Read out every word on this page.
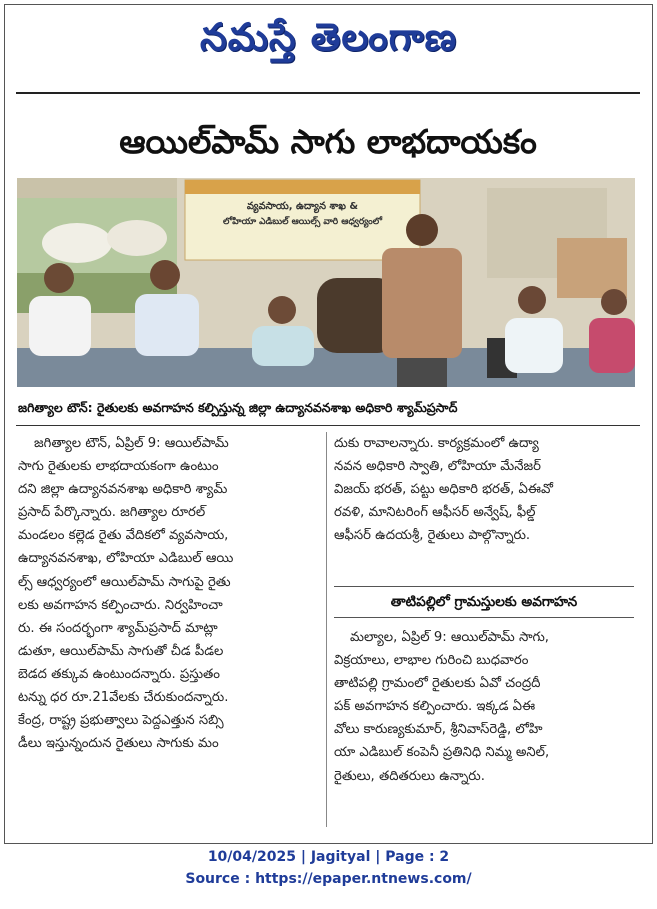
నమస్తే తెలంగాణ
ఆయిల్‌పామ్ సాగు లాభదాయకం
వ్యవసాయ, ఉద్యాన శాఖ &
లోహియా ఎడిబుల్ ఆయిల్స్ వారి ఆధ్వర్యంలో
జగిత్యాల టౌన్: రైతులకు అవగాహన కల్పిస్తున్న జిల్లా ఉద్యానవనశాఖ అధికారి శ్యామ్‌ప్రసాద్

జగిత్యాల టౌన్, ఏప్రిల్ 9: ఆయిల్‌పామ్

సాగు రైతులకు లాభదాయకంగా ఉంటుం

దని జిల్లా ఉద్యానవనశాఖ అధికారి శ్యామ్

ప్రసాద్ పేర్కొన్నారు. జగిత్యాల రూరల్

మండలం కల్లెడ రైతు వేదికలో వ్యవసాయ,

ఉద్యానవనశాఖ, లోహియా ఎడిబుల్ ఆయి

ల్స్ ఆధ్వర్యంలో ఆయిల్‌పామ్ సాగుపై రైతు

లకు అవగాహన కల్పించారు. నిర్వహించా

రు. ఈ సందర్భంగా శ్యామ్‌ప్రసాద్ మాట్లా

డుతూ, ఆయిల్‌పామ్ సాగుతో చీడ పీడల

బెడద తక్కువ ఉంటుందన్నారు. ప్రస్తుతం

టన్ను ధర రూ.21వేలకు చేరుకుందన్నారు.

కేంద్ర, రాష్ట్ర ప్రభుత్వాలు పెద్దఎత్తున సబ్సి

డీలు ఇస్తున్నందున రైతులు సాగుకు మం

దుకు రావాలన్నారు. కార్యక్రమంలో ఉద్యా

నవన అధికారి స్వాతి, లోహియా మేనేజర్

విజయ్ భరత్, పట్టు అధికారి భరత్, ఏఈవో

రవళి, మానిటరింగ్ ఆఫీసర్ అన్వేష్, ఫీల్డ్

ఆఫీసర్ ఉదయశ్రీ, రైతులు పాల్గొన్నారు.

తాటిపల్లిలో గ్రామస్తులకు అవగాహన

మల్యాల, ఏప్రిల్ 9: ఆయిల్‌పామ్ సాగు,

విక్రయాలు, లాభాల గురించి బుధవారం

తాటిపల్లి గ్రామంలో రైతులకు ఏవో చంద్రదీ

పక్ అవగాహన కల్పించారు. ఇక్కడ ఏఈ

వోలు కారుణ్యకుమార్, శ్రీనివాస్‌రెడ్డి, లోహి

యా ఎడిబుల్ కంపెనీ ప్రతినిధి నిమ్మ అనిల్,

రైతులు, తదితరులు ఉన్నారు.

10/04/2025 | Jagityal | Page : 2
Source : https://epaper.ntnews.com/
